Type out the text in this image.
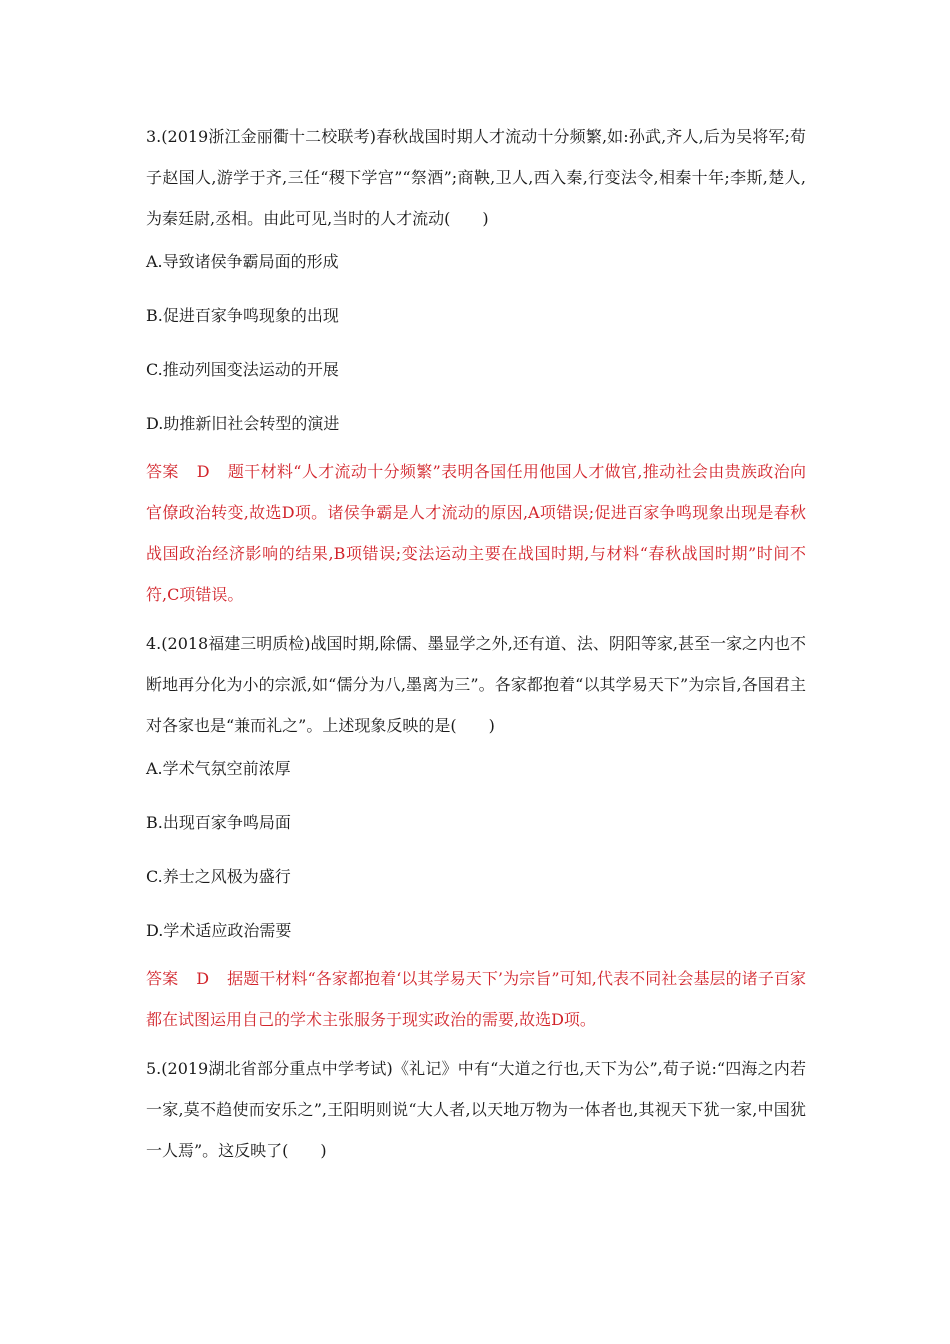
3.(2019浙江金丽衢十二校联考)春秋战国时期人才流动十分频繁,如:孙武,齐人,后为吴将军;荀子赵国人,游学于齐,三任“稷下学宫”“祭酒”;商鞅,卫人,西入秦,行变法令,相秦十年;李斯,楚人,为秦廷尉,丞相。由此可见,当时的人才流动(　　)

A.导致诸侯争霸局面的形成

B.促进百家争鸣现象的出现

C.推动列国变法运动的开展

D.助推新旧社会转型的演进

答案 D 题干材料“人才流动十分频繁”表明各国任用他国人才做官,推动社会由贵族政治向官僚政治转变,故选D项。诸侯争霸是人才流动的原因,A项错误;促进百家争鸣现象出现是春秋战国政治经济影响的结果,B项错误;变法运动主要在战国时期,与材料“春秋战国时期”时间不符,C项错误。

4.(2018福建三明质检)战国时期,除儒、墨显学之外,还有道、法、阴阳等家,甚至一家之内也不断地再分化为小的宗派,如“儒分为八,墨离为三”。各家都抱着“以其学易天下”为宗旨,各国君主对各家也是“兼而礼之”。上述现象反映的是(　　)

A.学术气氛空前浓厚

B.出现百家争鸣局面

C.养士之风极为盛行

D.学术适应政治需要

答案 D 据题干材料“各家都抱着‘以其学易天下’为宗旨”可知,代表不同社会基层的诸子百家都在试图运用自己的学术主张服务于现实政治的需要,故选D项。

5.(2019湖北省部分重点中学考试)《礼记》中有“大道之行也,天下为公”,荀子说:“四海之内若一家,莫不趋使而安乐之”,王阳明则说“大人者,以天地万物为一体者也,其视天下犹一家,中国犹一人焉”。这反映了(　　)
